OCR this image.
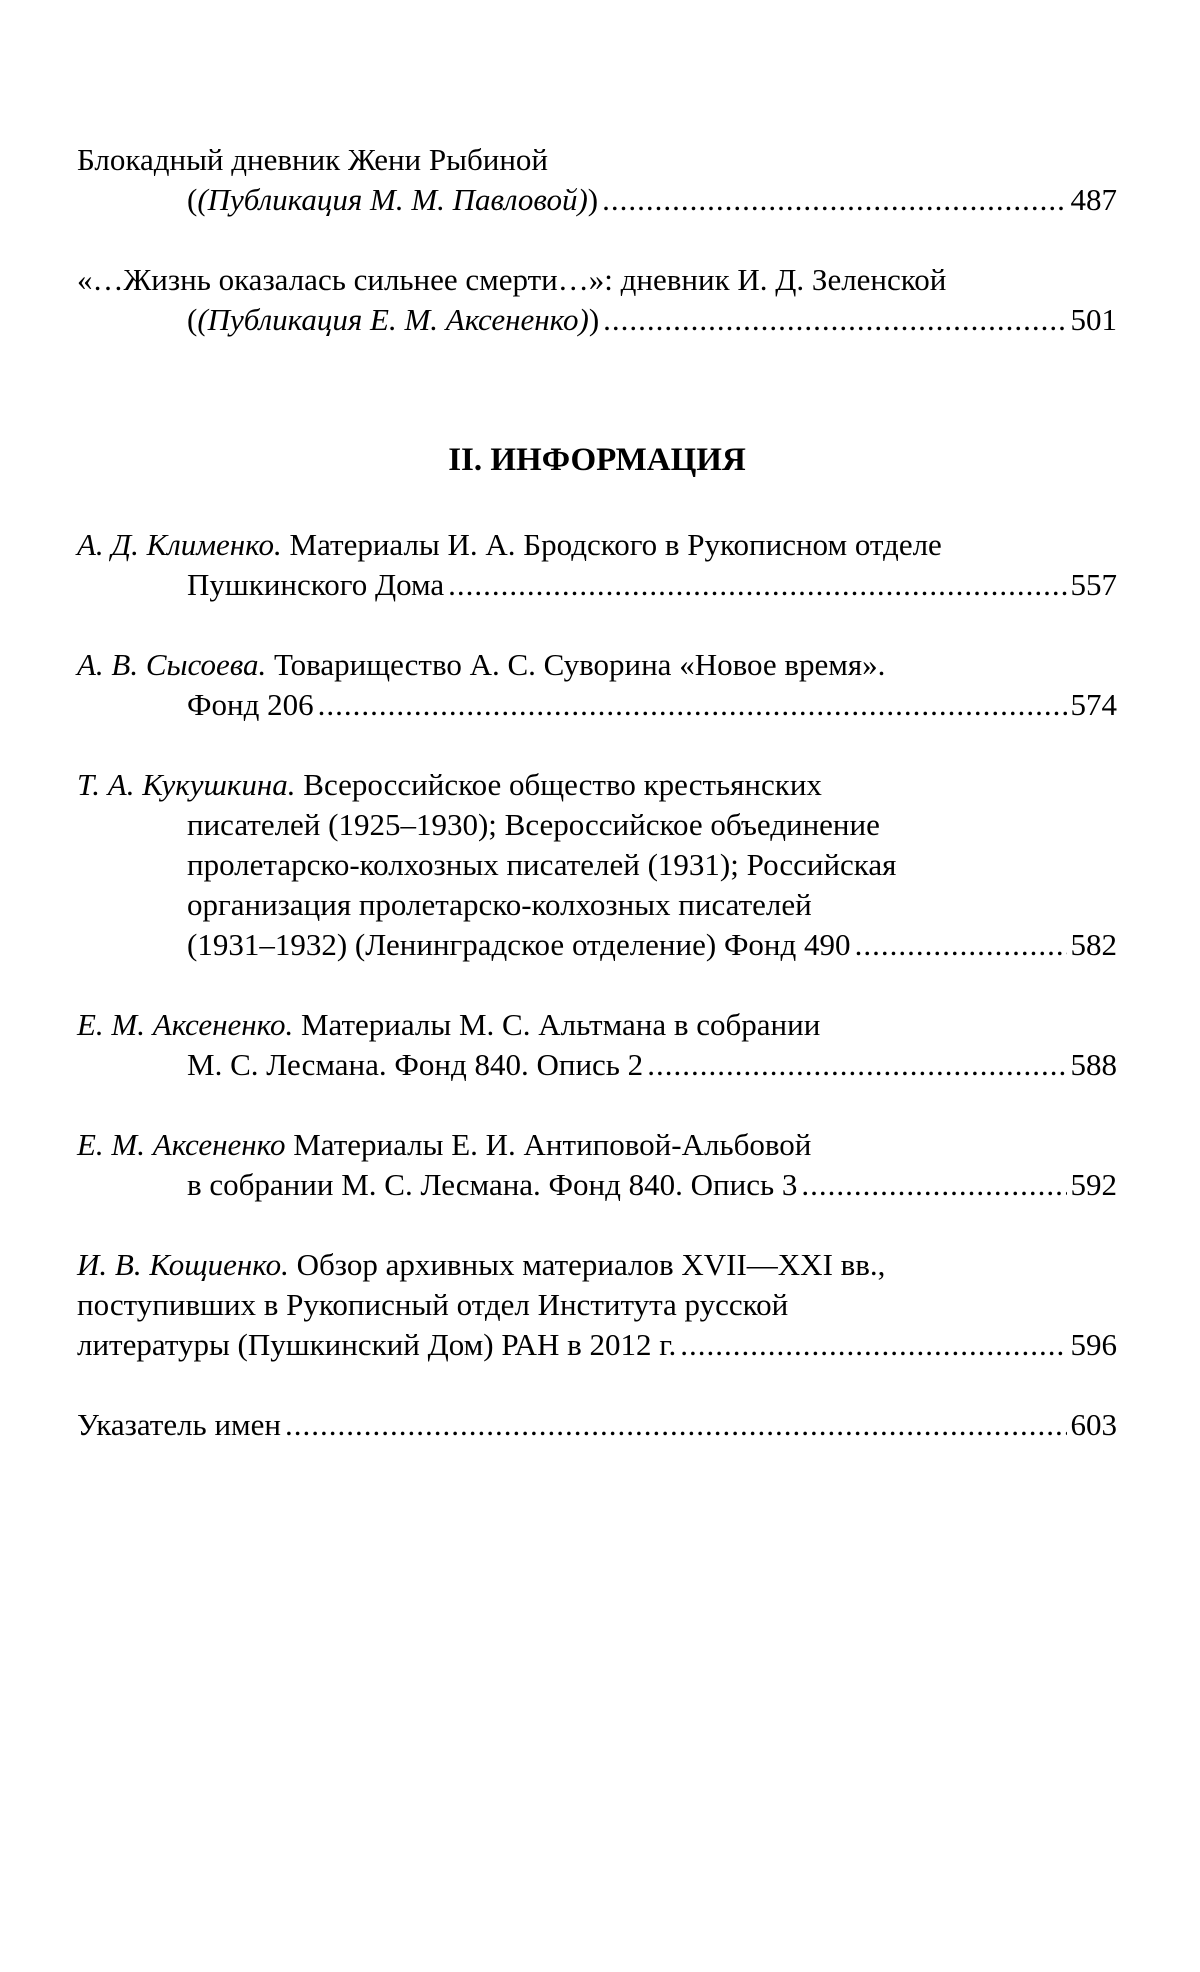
Блокадный дневник Жени Рыбиной
((Публикация М. М. Павловой)) .....	487
«…Жизнь оказалась сильнее смерти…»: дневник И. Д. Зеленской
((Публикация Е. М. Аксененко)) .....	501
II. ИНФОРМАЦИЯ
А. Д. Клименко. Материалы И. А. Бродского в Рукописном отделе
Пушкинского Дома .....	557
А. В. Сысоева. Товарищество А. С. Суворина «Новое время».
Фонд 206 .....	574
Т. А. Кукушкина. Всероссийское общество крестьянских
писателей (1925–1930); Всероссийское объединение
пролетарско-колхозных писателей (1931); Российская
организация пролетарско-колхозных писателей
(1931–1932) (Ленинградское отделение) Фонд 490 .....	582
Е. М. Аксененко. Материалы М. С. Альтмана в собрании
М. С. Лесмана. Фонд 840. Опись 2 .....	588
Е. М. Аксененко Материалы Е. И. Антиповой-Альбовой
в собрании М. С. Лесмана. Фонд 840. Опись 3 .....	592
И. В. Кощиенко. Обзор архивных материалов XVII—XXI вв.,
поступивших в Рукописный отдел Института русской
литературы (Пушкинский Дом) РАН в 2012 г. .....	596
Указатель имен .....	603
